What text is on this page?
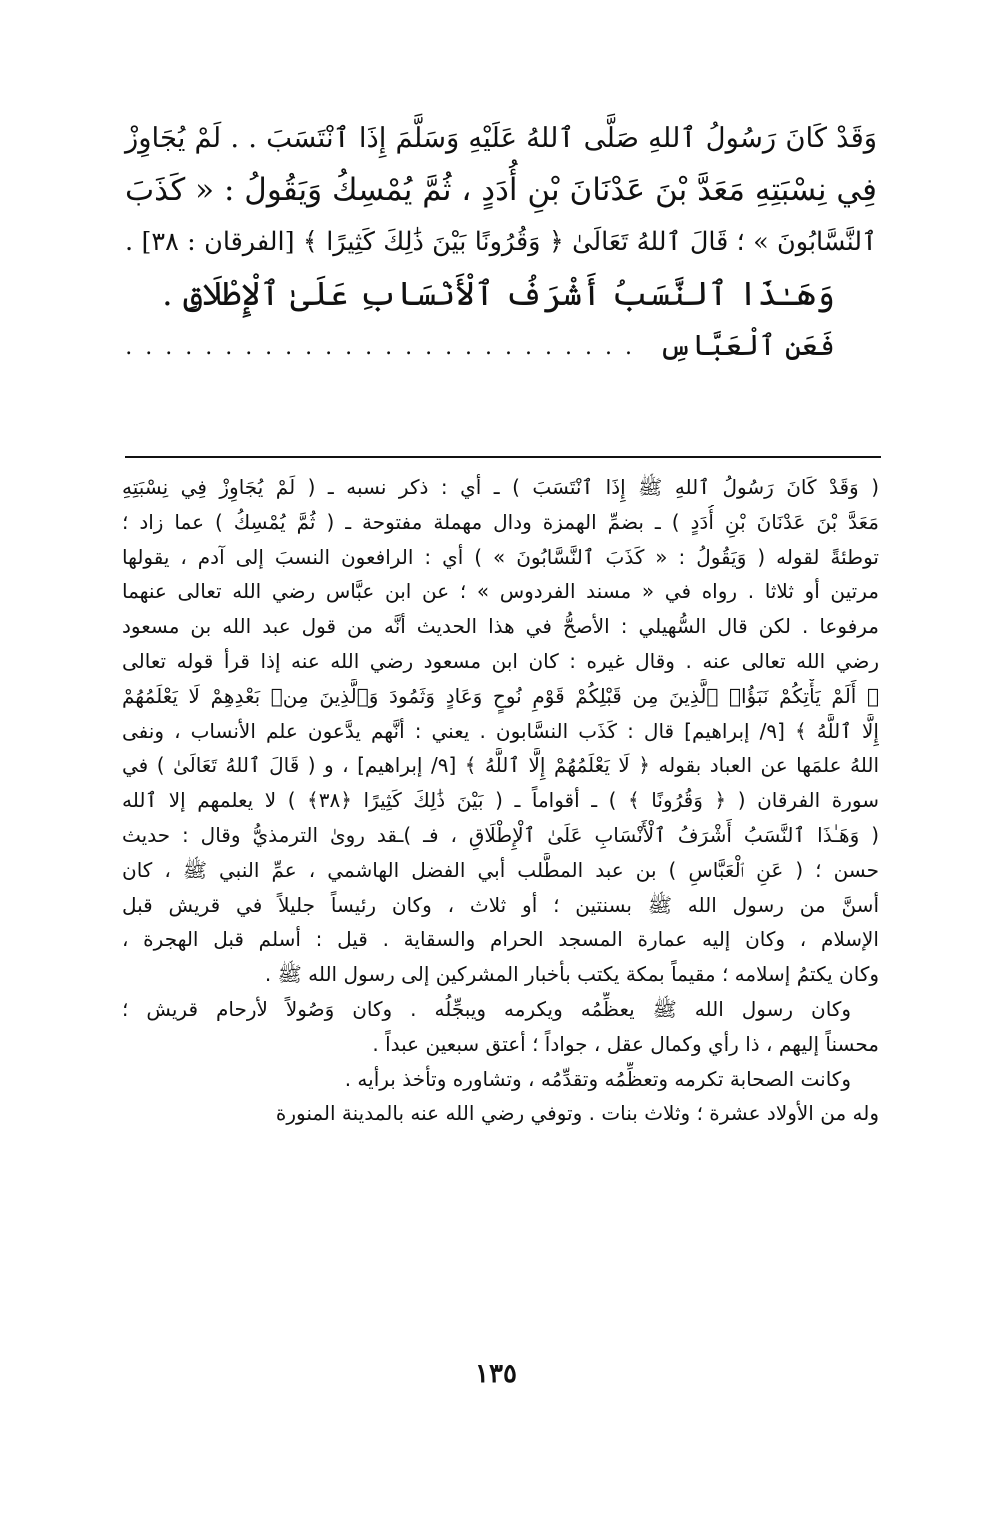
وَقَدْ كَانَ رَسُولُ ٱللهِ صَلَّى ٱللهُ عَلَيْهِ وَسَلَّمَ إِذَا ٱنْتَسَبَ . . لَمْ يُجَاوِزْ
فِي نِسْبَتِهِ مَعَدَّ بْنَ عَدْنَانَ بْنِ أُدَدٍ ، ثُمَّ يُمْسِكُ وَيَقُولُ : « كَذَبَ
ٱلنَّسَّابُونَ » ؛ قَالَ ٱللهُ تَعَالَىٰ ﴿ وَقُرُونًا بَيْنَ ذَٰلِكَ كَثِيرًا ﴾ [الفرقان : ٣٨] .
وَهَـٰذَا ٱلنَّسَبُ أَشْرَفُ ٱلْأَنْسَابِ عَلَىٰ ٱلْإِطْلَاقِ .
فَعَنِ ٱلْعَبَّاسِ. . . . . . . . . . . . . . . . . . . . . . . . . .
( وَقَدْ كَانَ رَسُولُ ٱللهِ ﷺ إِذَا ٱنْتَسَبَ ) ـ أي : ذكر نسبه ـ ( لَمْ يُجَاوِزْ فِي نِسْبَتِهِ
مَعَدَّ بْنَ عَدْنَانَ بْنِ أُدَدٍ ) ـ بضمِّ الهمزة ودال مهملة مفتوحة ـ ( ثُمَّ يُمْسِكُ ) عما زاد ؛
توطئةً لقوله ( وَيَقُولُ : « كَذَبَ ٱلنَّسَّابُونَ » ) أي : الرافعون النسبَ إلى آدم ، يقولها
مرتين أو ثلاثا . رواه في « مسند الفردوس » ؛ عن ابن عبَّاس رضي الله تعالى عنهما
مرفوعا . لكن قال السُّهيلي : الأصحُّ في هذا الحديث أنَّه من قول عبد الله بن مسعود
رضي الله تعالى عنه . وقال غيره : كان ابن مسعود رضي الله عنه إذا قرأ قوله تعالى
﴿ أَلَمْ يَأْتِكُمْ نَبَؤُا۟ ٱلَّذِينَ مِن قَبْلِكُمْ قَوْمِ نُوحٍ وَعَادٍ وَثَمُودَ وَٱلَّذِينَ مِنۢ بَعْدِهِمْ لَا يَعْلَمُهُمْ
إِلَّا ٱللَّهُ ﴾ [٩/ إبراهيم] قال : كَذَب النسَّابون . يعني : أنَّهم يدَّعون علم الأنساب ، ونفى
اللهُ علمَها عن العباد بقوله ﴿ لَا يَعْلَمُهُمْ إِلَّا ٱللَّهُ ﴾ [٩/ إبراهيم] ، و ( قَالَ ٱللهُ تَعَالَىٰ ) في
سورة الفرقان ( ﴿ وَقُرُونًا ﴾ ) ـ أقواماً ـ ( بَيْنَ ذَٰلِكَ كَثِيرًا ﴿٣٨﴾ ) لا يعلمهم إلا ٱلله
( وَهَـٰذَا ٱلنَّسَبُ أَشْرَفُ ٱلْأَنْسَابِ عَلَىٰ ٱلْإِطْلَاقِ ، فـ )ـقد روىٰ الترمذيُّ وقال : حديث
حسن ؛ ( عَنِ ٱلْعَبَّاسِ ) بن عبد المطَّلب أبي الفضل الهاشمي ، عمِّ النبي ﷺ ، كان
أسنَّ من رسول الله ﷺ بسنتين ؛ أو ثلاث ، وكان رئيساً جليلاً في قريش قبل
الإسلام ، وكان إليه عمارة المسجد الحرام والسقاية . قيل : أسلم قبل الهجرة ،
وكان يكتمُ إسلامه ؛ مقيماً بمكة يكتب بأخبار المشركين إلى رسول الله ﷺ .
وكان رسول الله ﷺ يعظِّمُه ويكرمه ويبجِّلُه . وكان وَصُولاً لأرحام قريش ؛
محسناً إليهم ، ذا رأي وكمال عقل ، جواداً ؛ أعتق سبعين عبداً .
وكانت الصحابة تكرمه وتعظِّمُه وتقدِّمُه ، وتشاوره وتأخذ برأيه .
وله من الأولاد عشرة ؛ وثلاث بنات . وتوفي رضي الله عنه بالمدينة المنورة
١٣٥
